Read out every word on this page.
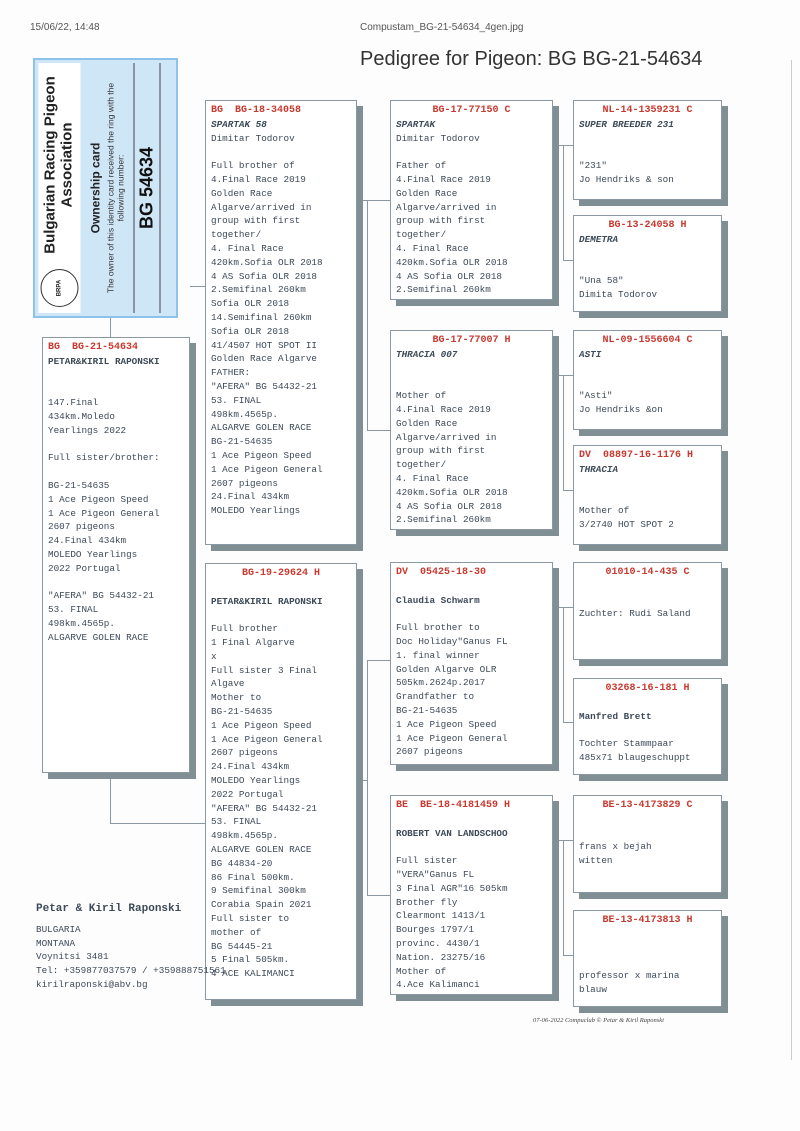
15/06/22, 14:48	Compustam_BG-21-54634_4gen.jpg
Pedigree for Pigeon: BG BG-21-54634
BRPA
Bulgarian Racing Pigeon Association	Ownership card The owner of this identity card received the ring with the following number: BG 54634
BG  BG-21-54634
PETAR&KIRIL RAPONSKI
147.Final
434km.Moledo
Yearlings 2022
Full sister/brother:
BG-21-54635
1 Ace Pigeon Speed
1 Ace Pigeon General
2607 pigeons
24.Final 434km
MOLEDO Yearlings
2022 Portugal
"AFERA" BG 54432-21
53. FINAL
498km.4565p.
ALGARVE GOLEN RACE
BG  BG-18-34058
SPARTAK 58
Dimitar Todorov
Full brother of
4.Final Race 2019
Golden Race
Algarve/arrived in
group with first
together/
4. Final Race
420km.Sofia OLR 2018
4 AS Sofia OLR 2018
2.Semifinal 260km
Sofia OLR 2018
14.Semifinal 260km
Sofia OLR 2018
41/4507 HOT SPOT II
Golden Race Algarve
FATHER:
"AFERA" BG 54432-21
53. FINAL
498km.4565p.
ALGARVE GOLEN RACE
BG-21-54635
1 Ace Pigeon Speed
1 Ace Pigeon General
2607 pigeons
24.Final 434km
MOLEDO Yearlings
BG-19-29624 H
PETAR&KIRIL RAPONSKI
Full brother
1 Final Algarve
x
Full sister 3 Final
Algave
Mother to
BG-21-54635
1 Ace Pigeon Speed
1 Ace Pigeon General
2607 pigeons
24.Final 434km
MOLEDO Yearlings
2022 Portugal
"AFERA" BG 54432-21
53. FINAL
498km.4565p.
ALGARVE GOLEN RACE
BG 44834-20
86 Final 500km.
9 Semifinal 300km
Corabia Spain 2021
Full sister to
mother of
BG 54445-21
5 Final 505km.
4 ACE KALIMANCI
BG-17-77150 C
SPARTAK
Dimitar Todorov
Father of
4.Final Race 2019
Golden Race
Algarve/arrived in
group with first
together/
4. Final Race
420km.Sofia OLR 2018
4 AS Sofia OLR 2018
2.Semifinal 260km
BG-17-77007 H
THRACIA 007
Mother of
4.Final Race 2019
Golden Race
Algarve/arrived in
group with first
together/
4. Final Race
420km.Sofia OLR 2018
4 AS Sofia OLR 2018
2.Semifinal 260km
DV  05425-18-30
Claudia Schwarm
Full brother to
Doc Holiday"Ganus FL
1. final winner
Golden Algarve OLR
505km.2624p.2017
Grandfather to
BG-21-54635
1 Ace Pigeon Speed
1 Ace Pigeon General
2607 pigeons
BE  BE-18-4181459 H
ROBERT VAN LANDSCHOO
Full sister
"VERA"Ganus FL
3 Final AGR"16 505km
Brother fly
Clearmont 1413/1
Bourges 1797/1
provinc. 4430/1
Nation. 23275/16
Mother of
4.Ace Kalimanci
NL-14-1359231 C
SUPER BREEDER 231
"231"
Jo Hendriks & son
BG-13-24058 H
DEMETRA
"Una 58"
Dimita Todorov
NL-09-1556604 C
ASTI
"Asti"
Jo Hendriks &on
DV  08897-16-1176 H
THRACIA
Mother of
3/2740 HOT SPOT 2
01010-14-435 C
Zuchter: Rudi Saland
03268-16-181 H
Manfred Brett
Tochter Stammpaar
485x71 blaugeschuppt
BE-13-4173829 C
frans x bejah
witten
BE-13-4173813 H
professor x marina
blauw
Petar & Kiril Raponski
BULGARIA
MONTANA
Voynitsi 3481
Tel: +359877037579 / +359888751561
kirilraponski@abv.bg
07-06-2022 Compuclub © Petar & Kiril Raponski
